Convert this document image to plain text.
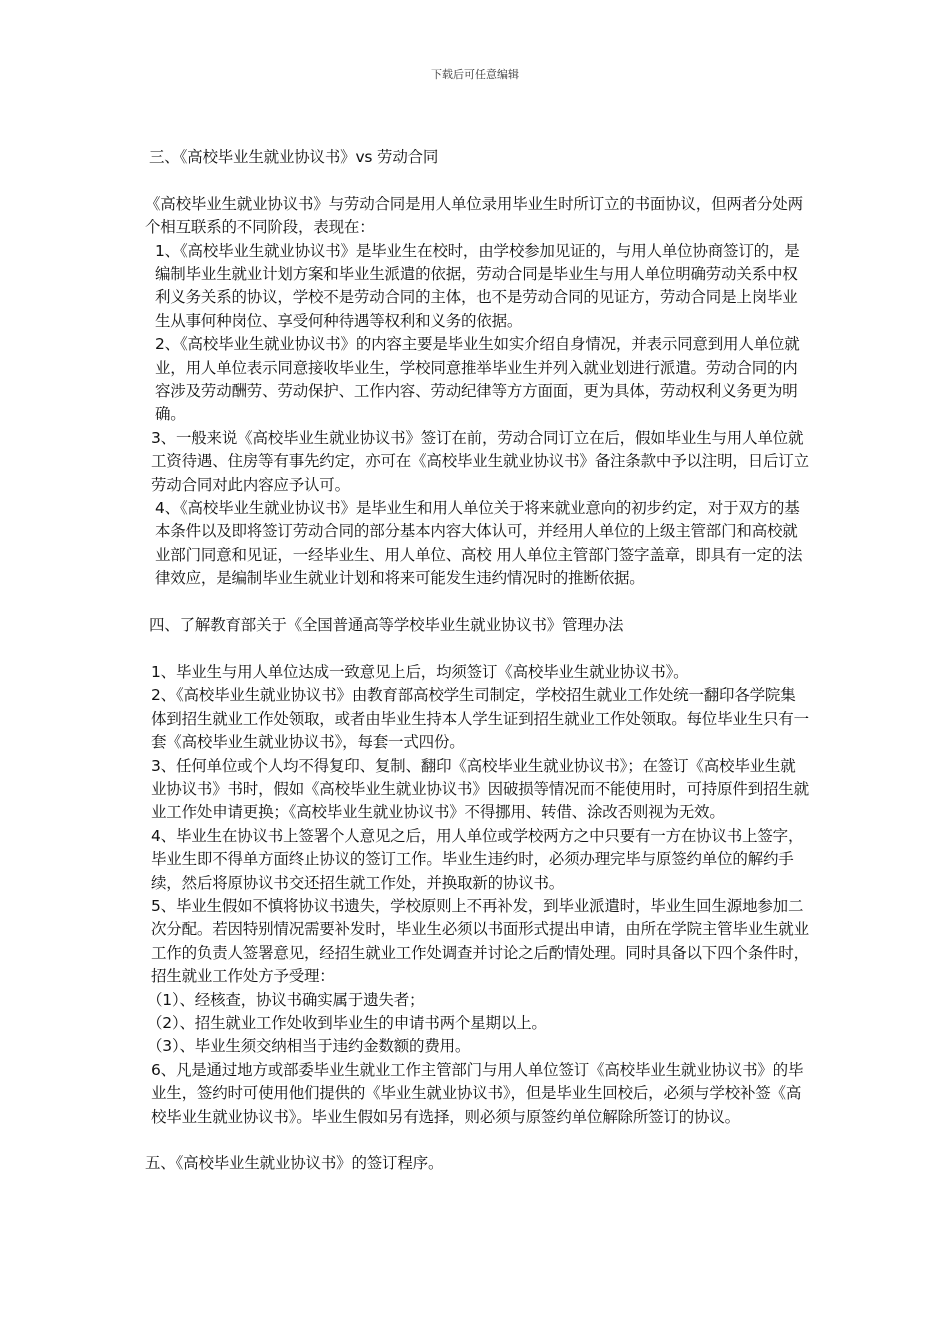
下载后可任意编辑

三、《高校毕业生就业协议书》vs 劳动合同

《高校毕业生就业协议书》与劳动合同是用人单位录用毕业生时所订立的书面协议，但两者分处两个相互联系的不同阶段，表现在：

1、《高校毕业生就业协议书》是毕业生在校时，由学校参加见证的，与用人单位协商签订的，是编制毕业生就业计划方案和毕业生派遣的依据，劳动合同是毕业生与用人单位明确劳动关系中权利义务关系的协议，学校不是劳动合同的主体，也不是劳动合同的见证方，劳动合同是上岗毕业生从事何种岗位、享受何种待遇等权利和义务的依据。

2、《高校毕业生就业协议书》的内容主要是毕业生如实介绍自身情况，并表示同意到用人单位就业，用人单位表示同意接收毕业生，学校同意推举毕业生并列入就业划进行派遣。劳动合同的内容涉及劳动酬劳、劳动保护、工作内容、劳动纪律等方方面面，更为具体，劳动权利义务更为明确。

3、一般来说《高校毕业生就业协议书》签订在前，劳动合同订立在后，假如毕业生与用人单位就工资待遇、住房等有事先约定，亦可在《高校毕业生就业协议书》备注条款中予以注明，日后订立劳动合同对此内容应予认可。

4、《高校毕业生就业协议书》是毕业生和用人单位关于将来就业意向的初步约定，对于双方的基本条件以及即将签订劳动合同的部分基本内容大体认可，并经用人单位的上级主管部门和高校就业部门同意和见证，一经毕业生、用人单位、高校 用人单位主管部门签字盖章，即具有一定的法律效应，是编制毕业生就业计划和将来可能发生违约情况时的推断依据。

四、了解教育部关于《全国普通高等学校毕业生就业协议书》管理办法

1、毕业生与用人单位达成一致意见上后，均须签订《高校毕业生就业协议书》。

2、《高校毕业生就业协议书》由教育部高校学生司制定，学校招生就业工作处统一翻印各学院集体到招生就业工作处领取，或者由毕业生持本人学生证到招生就业工作处领取。每位毕业生只有一套《高校毕业生就业协议书》，每套一式四份。

3、任何单位或个人均不得复印、复制、翻印《高校毕业生就业协议书》；在签订《高校毕业生就业协议书》书时，假如《高校毕业生就业协议书》因破损等情况而不能使用时，可持原件到招生就业工作处申请更换；《高校毕业生就业协议书》不得挪用、转借、涂改否则视为无效。

4、毕业生在协议书上签署个人意见之后，用人单位或学校两方之中只要有一方在协议书上签字，毕业生即不得单方面终止协议的签订工作。毕业生违约时，必须办理完毕与原签约单位的解约手续，然后将原协议书交还招生就工作处，并换取新的协议书。

5、毕业生假如不慎将协议书遗失，学校原则上不再补发，到毕业派遣时，毕业生回生源地参加二次分配。若因特别情况需要补发时，毕业生必须以书面形式提出申请，由所在学院主管毕业生就业工作的负责人签署意见，经招生就业工作处调查并讨论之后酌情处理。同时具备以下四个条件时，招生就业工作处方予受理：

（1）、经核查，协议书确实属于遗失者；

（2）、招生就业工作处收到毕业生的申请书两个星期以上。

（3）、毕业生须交纳相当于违约金数额的费用。

6、凡是通过地方或部委毕业生就业工作主管部门与用人单位签订《高校毕业生就业协议书》的毕业生，签约时可使用他们提供的《毕业生就业协议书》，但是毕业生回校后，必须与学校补签《高校毕业生就业协议书》。毕业生假如另有选择，则必须与原签约单位解除所签订的协议。

五、《高校毕业生就业协议书》的签订程序。
